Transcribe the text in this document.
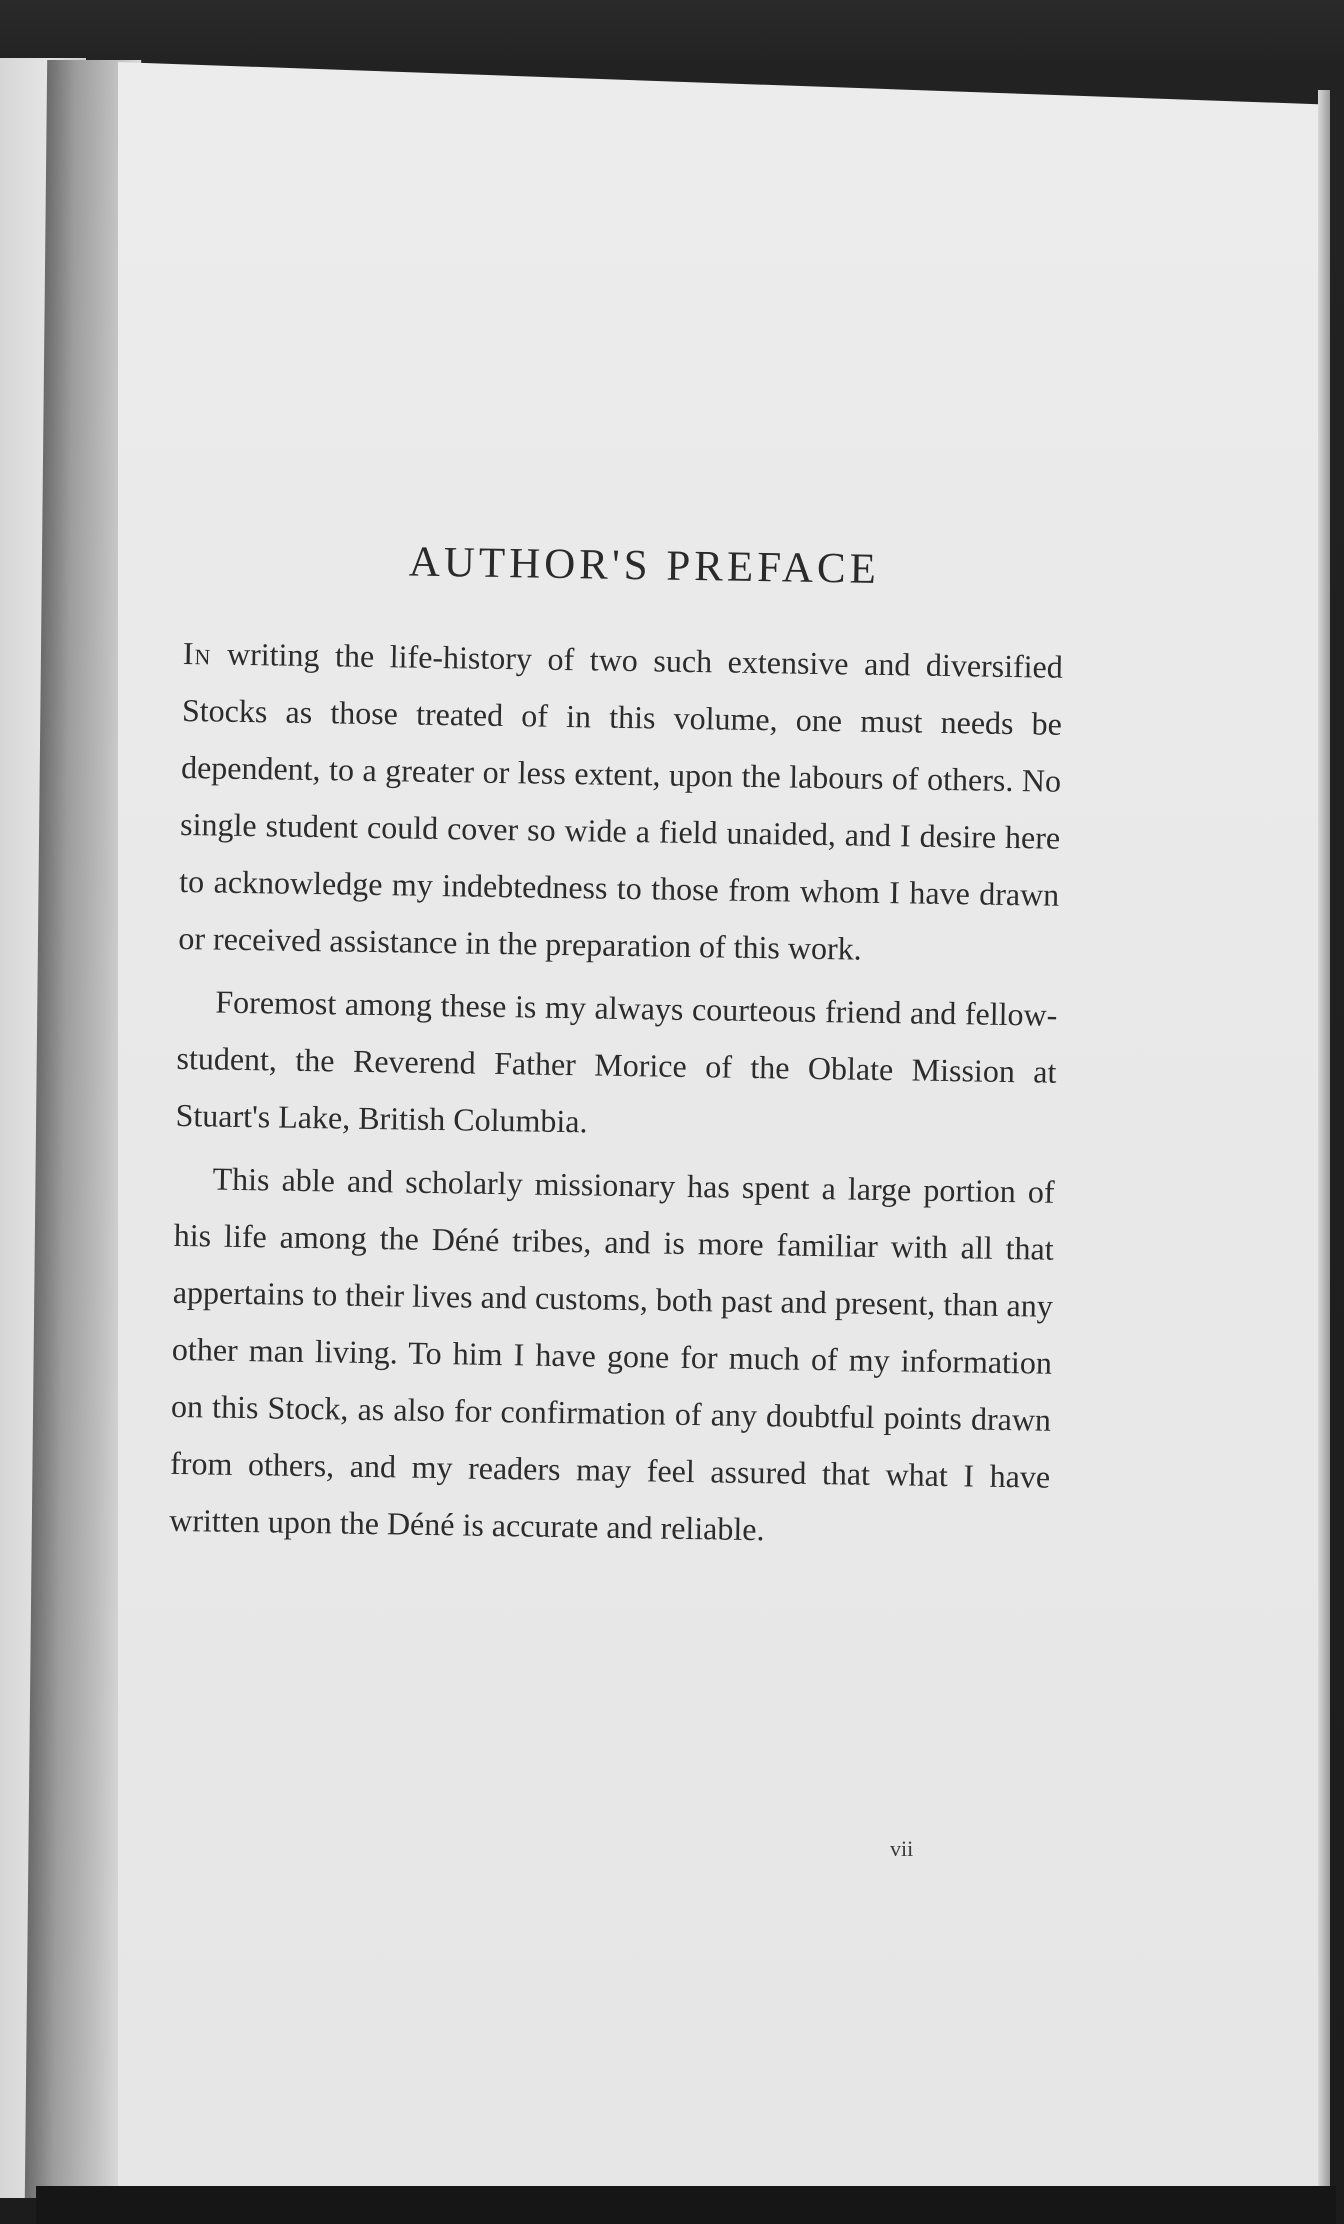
AUTHOR'S PREFACE

In writing the life-history of two such extensive and diversified Stocks as those treated of in this volume, one must needs be dependent, to a greater or less extent, upon the labours of others. No single student could cover so wide a field unaided, and I desire here to acknowledge my indebtedness to those from whom I have drawn or received assistance in the preparation of this work.

Foremost among these is my always courteous friend and fellow-student, the Reverend Father Morice of the Oblate Mission at Stuart's Lake, British Columbia.

This able and scholarly missionary has spent a large portion of his life among the Déné tribes, and is more familiar with all that appertains to their lives and customs, both past and present, than any other man living. To him I have gone for much of my information on this Stock, as also for confirmation of any doubtful points drawn from others, and my readers may feel assured that what I have written upon the Déné is accurate and reliable.

vii
